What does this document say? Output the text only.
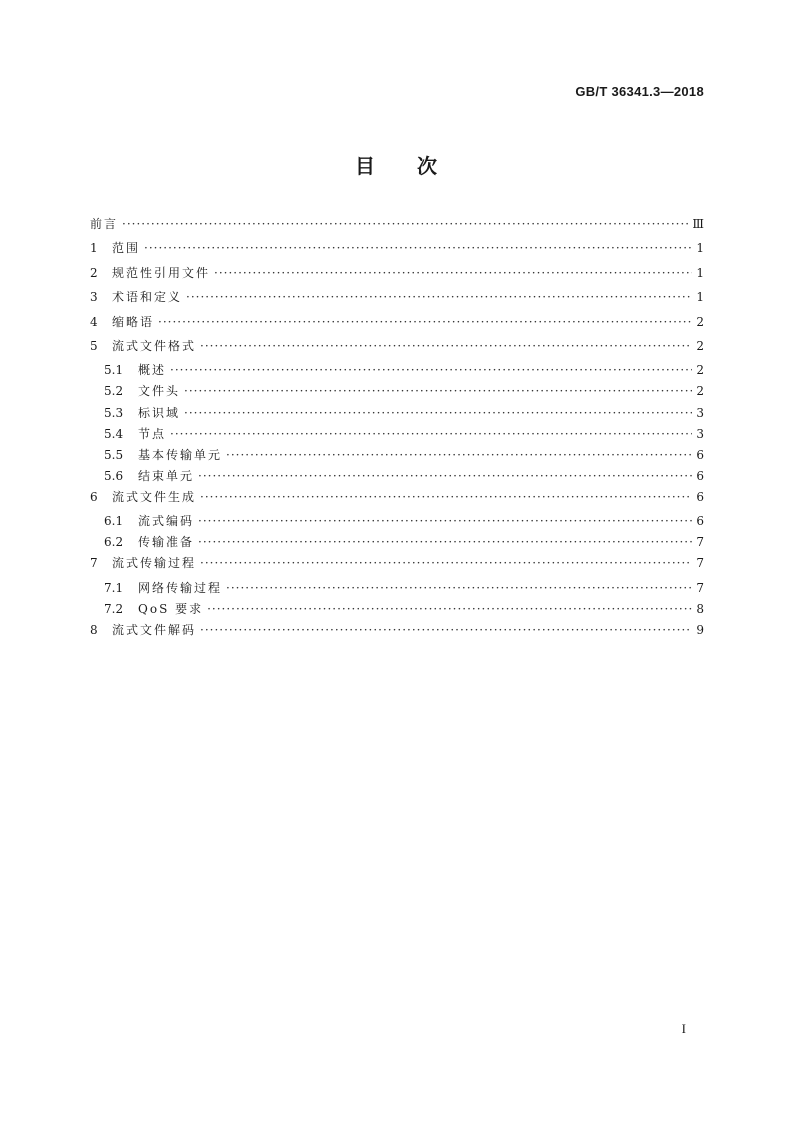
GB/T 36341.3—2018
目 次
前言 ·····	Ⅲ
1	范围 ·····	1
2	规范性引用文件 ·····	1
3	术语和定义 ·····	1
4	缩略语 ·····	2
5	流式文件格式 ·····	2
5.1	概述 ·····	2
5.2	文件头 ·····	2
5.3	标识域 ·····	3
5.4	节点 ·····	3
5.5	基本传输单元 ·····	6
5.6	结束单元 ·····	6
6	流式文件生成 ·····	6
6.1	流式编码 ·····	6
6.2	传输准备 ·····	7
7	流式传输过程 ·····	7
7.1	网络传输过程 ·····	7
7.2	QoS 要求 ·····	8
8	流式文件解码 ·····	9
I
